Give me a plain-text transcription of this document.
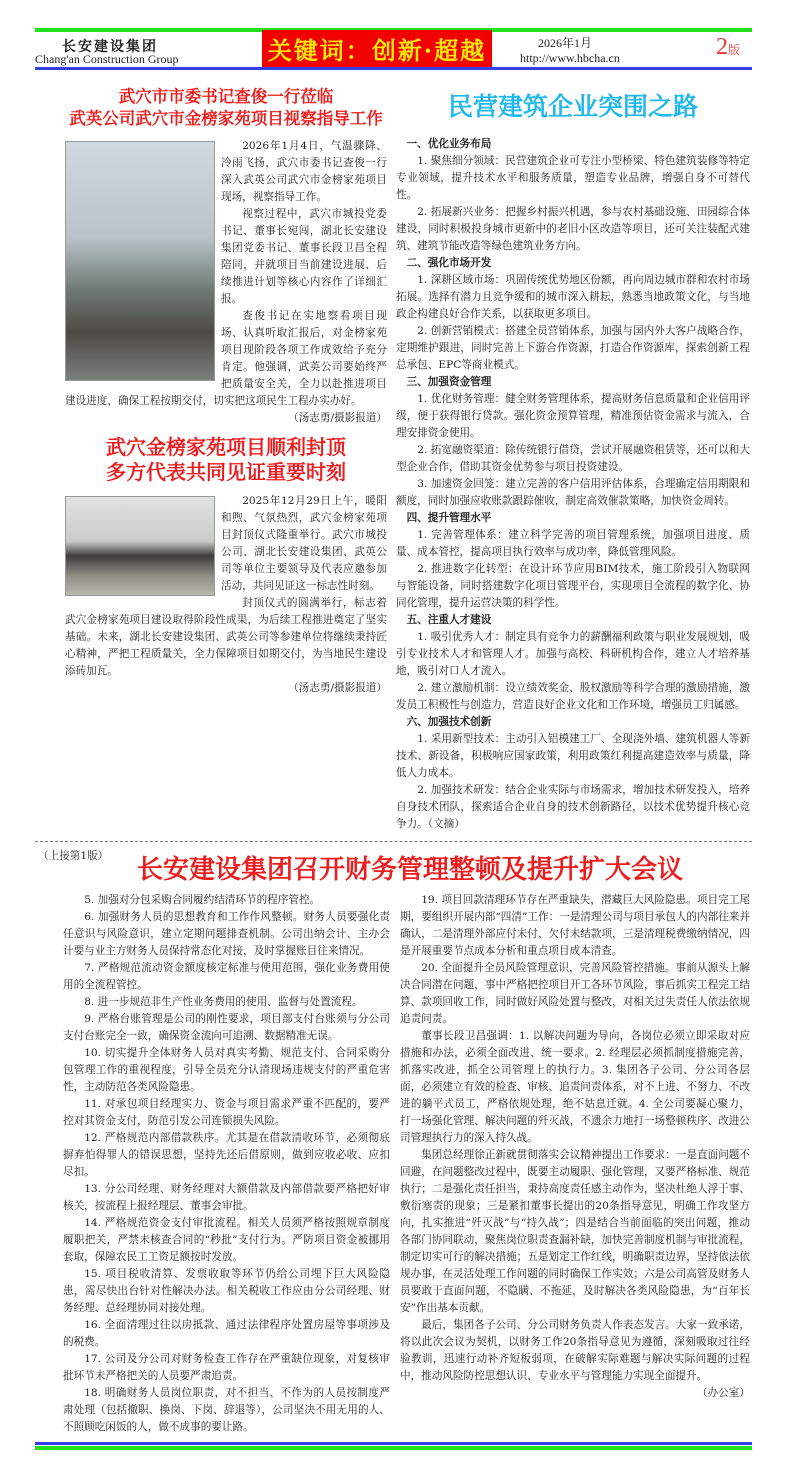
长安建设集团
Chang'an Construction Group	关键词： 创新·超越	2026年1月
http://www.hbcha.cn	2版
武穴市市委书记查俊一行莅临
武英公司武穴市金榜家苑项目视察指导工作

2026年1月4日，气温骤降、冷雨飞扬，武穴市委书记查俊一行深入武英公司武穴市金榜家苑项目现场，视察指导工作。

视察过程中，武穴市城投党委书记、董事长宛闯，湖北长安建设集团党委书记、董事长段卫昌全程陪同，并就项目当前建设进展、后续推进计划等核心内容作了详细汇报。

查俊书记在实地察看项目现场、认真听取汇报后，对金榜家苑项目现阶段各项工作成效给予充分肯定。他强调，武英公司要始终严把质量安全关，全力以赴推进项目建设进度，确保工程按期交付，切实把这项民生工程办实办好。

（汤志勇/摄影报道）

武穴金榜家苑项目顺利封顶
多方代表共同见证重要时刻

2025年12月29日上午，暖阳和煦、气氛热烈，武穴金榜家苑项目封顶仪式隆重举行。武穴市城投公司、湖北长安建设集团、武英公司等单位主要领导及代表应邀参加活动，共同见证这一标志性时刻。

封顶仪式的圆满举行，标志着武穴金榜家苑项目建设取得阶段性成果，为后续工程推进奠定了坚实基础。未来，湖北长安建设集团、武英公司等参建单位将继续秉持匠心精神，严把工程质量关，全力保障项目如期交付，为当地民生建设添砖加瓦。

（汤志勇/摄影报道）

民营建筑企业突围之路

一、优化业务布局

1. 聚焦细分领域：民营建筑企业可专注小型桥梁、特色建筑装修等特定专业领域，提升技术水平和服务质量，塑造专业品牌，增强自身不可替代性。

2. 拓展新兴业务：把握乡村振兴机遇，参与农村基础设施、田园综合体建设，同时积极投身城市更新中的老旧小区改造等项目，还可关注装配式建筑、建筑节能改造等绿色建筑业务方向。

二、强化市场开发

1. 深耕区域市场：巩固传统优势地区份额，再向周边城市群和农村市场拓展。选择有潜力且竞争缓和的城市深入耕耘，熟悉当地政策文化，与当地政企构建良好合作关系，以获取更多项目。

2. 创新营销模式：搭建全员营销体系，加强与国内外大客户战略合作，定期维护跟进，同时完善上下游合作资源，打造合作资源库，探索创新工程总承包、EPC等商业模式。

三、加强资金管理

1. 优化财务管理：健全财务管理体系，提高财务信息质量和企业信用评级，便于获得银行贷款。强化资金预算管理，精准预估资金需求与流入，合理安排资金使用。

2. 拓宽融资渠道：除传统银行借贷，尝试开展融资租赁等，还可以和大型企业合作，借助其资金优势参与项目投资建设。

3. 加速资金回笼：建立完善的客户信用评估体系，合理确定信用期限和额度，同时加强应收账款跟踪催收，制定高效催款策略，加快资金周转。

四、提升管理水平

1. 完善管理体系：建立科学完善的项目管理系统，加强项目进度、质量、成本管控，提高项目执行效率与成功率，降低管理风险。

2. 推进数字化转型：在设计环节应用BIM技术，施工阶段引入物联网与智能设备，同时搭建数字化项目管理平台，实现项目全流程的数字化、协同化管理，提升运营决策的科学性。

五、注重人才建设

1. 吸引优秀人才：制定具有竞争力的薪酬福利政策与职业发展规划，吸引专业技术人才和管理人才。加强与高校、科研机构合作，建立人才培养基地，吸引对口人才流入。

2. 建立激励机制：设立绩效奖金、股权激励等科学合理的激励措施，激发员工积极性与创造力，营造良好企业文化和工作环境，增强员工归属感。

六、加强技术创新

1. 采用新型技术：主动引入铝模建工厂、全现浇外墙、建筑机器人等新技术、新设备，积极响应国家政策，利用政策红利提高建造效率与质量，降低人力成本。

2. 加强技术研发：结合企业实际与市场需求，增加技术研发投入，培养自身技术团队，探索适合企业自身的技术创新路径，以技术优势提升核心竞争力。（文摘）

（上接第1版）	长安建设集团召开财务管理整顿及提升扩大会议

5. 加强对分包采购合同履约结清环节的程序管控。

6. 加强财务人员的思想教育和工作作风整顿。财务人员要强化责任意识与风险意识，建立定期问题排查机制。公司出纳会计、主办会计要与业主方财务人员保持常态化对接，及时掌握账目往来情况。

7. 严格规范流动资金额度核定标准与使用范围，强化业务费用使用的全流程管控。

8. 进一步规范非生产性业务费用的使用、监督与处置流程。

9. 严格台账管理是公司的刚性要求，项目部支付台账须与分公司支付台账完全一致，确保资金流向可追溯、数据精准无误。

10. 切实提升全体财务人员对真实考勤、规范支付、合同采购分包管理工作的重视程度，引导全员充分认清现场违规支付的严重危害性，主动防范各类风险隐患。

11. 对承包项目经理实力、资金与项目需求严重不匹配的，要严控对其资金支付，防范引发公司连锁损失风险。

12. 严格规范内部借款秩序。尤其是在借款清收环节，必须彻底摒弃怕得罪人的错误思想，坚持先还后借原则，做到应收必收、应扣尽扣。

13. 分公司经理、财务经理对大额借款及内部借款要严格把好审核关，按流程上报经理层、董事会审批。

14. 严格规范资金支付审批流程。相关人员须严格按照规章制度履职把关，严禁未核查合同的“秒批”支付行为。严防项目资金被挪用套取，保障农民工工资足额按时发放。

15. 项目税收清算、发票收取等环节仍给公司埋下巨大风险隐患，需尽快出台针对性解决办法。相关税收工作应由分公司经理、财务经理、总经理协同对接处理。

16. 全面清理过往以房抵款、通过法律程序处置房屋等事项涉及的税费。

17. 公司及分公司对财务检查工作存在严重缺位现象，对复核审批环节未严格把关的人员要严肃追责。

18. 明确财务人员岗位职责，对不担当、不作为的人员按制度严肃处理（包括撤职、换岗、下岗、辞退等），公司坚决不用无用的人、不照顾吃闲饭的人，做不成事的要让路。

19. 项目回款清理环节存在严重缺失，潜藏巨大风险隐患。项目完工尾期，要组织开展内部“四清”工作：一是清理公司与项目承包人的内部往来并确认，二是清理外部应付未付、欠付未结款项，三是清理税费缴纳情况，四是开展重要节点成本分析和重点项目成本清查。

20. 全面提升全员风险管理意识，完善风险管控措施。事前从源头上解决合同潜在问题，事中严格把控项目开工各环节风险，事后抓实工程完工结算、款项回收工作，同时做好风险处置与整改，对相关过失责任人依法依规追责问责。

董事长段卫昌强调：1. 以解决问题为导向，各岗位必须立即采取对应措施和办法，必须全面改进、统一要求。2. 经理层必须抓制度措施完善，抓落实改进，抓全公司管理上的执行力。3. 集团各子公司、分公司各层面，必须建立有效的检查、审核、追责问责体系，对不上进、不努力、不改进的躺平式员工，严格依规处理，绝不姑息迁就。4. 全公司要凝心聚力，打一场强化管理、解决问题的歼灭战，不遗余力地打一场整顿秩序、改进公司管理执行力的深入持久战。

集团总经理徐正新就贯彻落实会议精神提出工作要求：一是直面问题不回避，在问题整改过程中，既要主动履职、强化管理，又要严格标准、规范执行；二是强化责任担当，秉持高度责任感主动作为，坚决杜绝人浮于事、敷衍塞责的现象；三是紧扣董事长提出的20条指导意见，明确工作攻坚方向，扎实推进“歼灭战”与“持久战”；四是结合当前面临的突出问题，推动各部门协同联动，聚焦岗位职责查漏补缺，加快完善制度机制与审批流程，制定切实可行的解决措施；五是划定工作红线，明确职责边界，坚持依法依规办事，在灵活处理工作问题的同时确保工作实效；六是公司高管及财务人员要敢于直面问题，不隐瞒、不拖延，及时解决各类风险隐患，为“百年长安”作出基本贡献。

最后，集团各子公司、分公司财务负责人作表态发言。大家一致承诺，将以此次会议为契机，以财务工作20条指导意见为遵循，深刻吸取过往经验教训，迅速行动补齐短板弱项，在破解实际难题与解决实际问题的过程中，推动风险防控思想认识、专业水平与管理能力实现全面提升。

（办公室）
